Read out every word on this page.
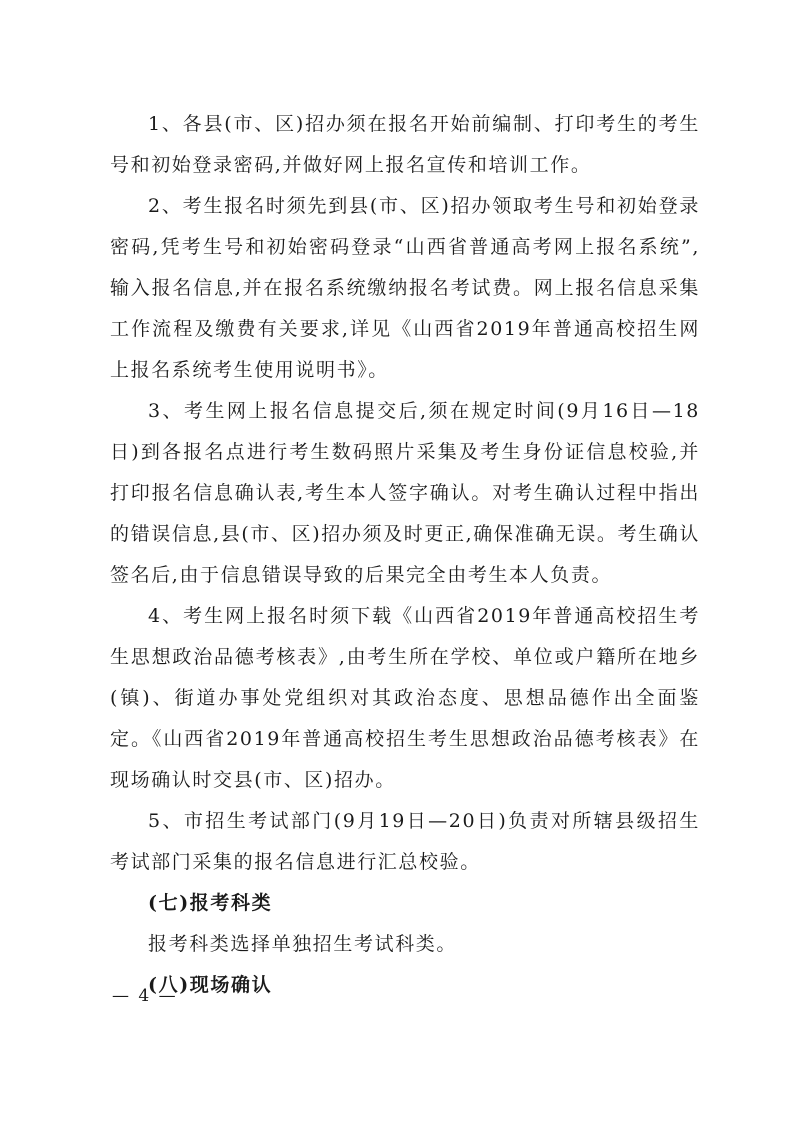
1、各县(市、区)招办须在报名开始前编制、打印考生的考生号和初始登录密码,并做好网上报名宣传和培训工作。

2、考生报名时须先到县(市、区)招办领取考生号和初始登录密码,凭考生号和初始密码登录“山西省普通高考网上报名系统”,输入报名信息,并在报名系统缴纳报名考试费。网上报名信息采集工作流程及缴费有关要求,详见《山西省2019年普通高校招生网上报名系统考生使用说明书》。

3、考生网上报名信息提交后,须在规定时间(9月16日—18日)到各报名点进行考生数码照片采集及考生身份证信息校验,并打印报名信息确认表,考生本人签字确认。对考生确认过程中指出的错误信息,县(市、区)招办须及时更正,确保准确无误。考生确认签名后,由于信息错误导致的后果完全由考生本人负责。

4、考生网上报名时须下载《山西省2019年普通高校招生考生思想政治品德考核表》,由考生所在学校、单位或户籍所在地乡(镇)、街道办事处党组织对其政治态度、思想品德作出全面鉴定。《山西省2019年普通高校招生考生思想政治品德考核表》在现场确认时交县(市、区)招办。

5、市招生考试部门(9月19日—20日)负责对所辖县级招生考试部门采集的报名信息进行汇总校验。

(七)报考科类

报考科类选择单独招生考试科类。

(八)现场确认

— 4 —
